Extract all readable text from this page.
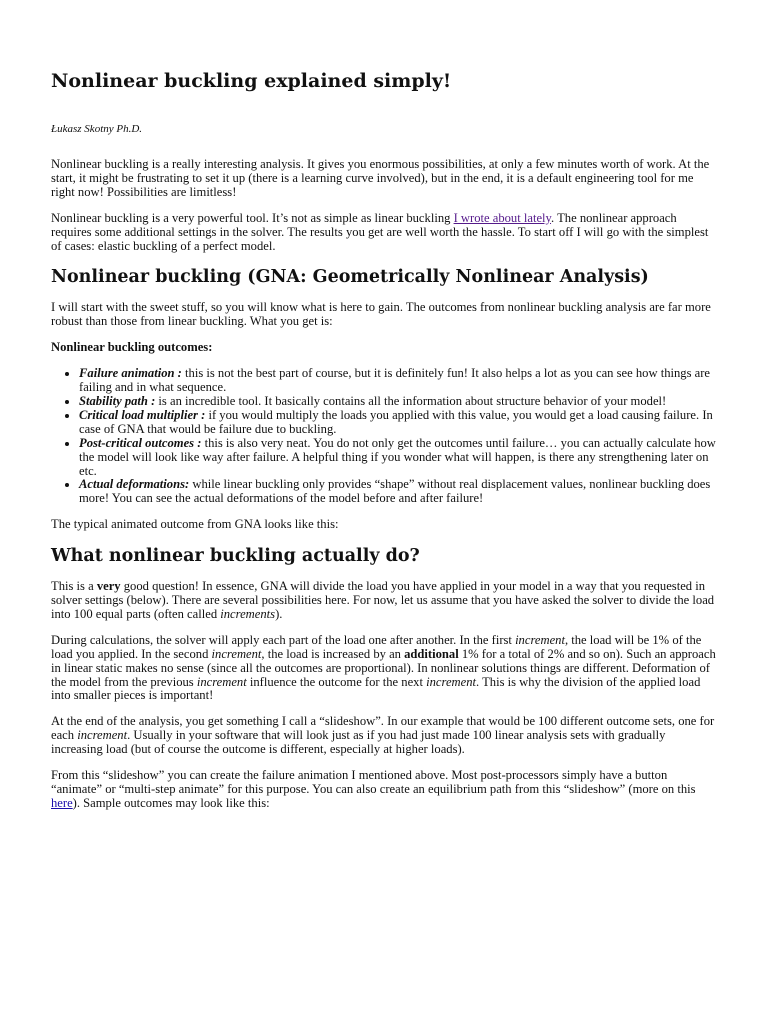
Nonlinear buckling explained simply!
Łukasz Skotny Ph.D.

Nonlinear buckling is a really interesting analysis. It gives you enormous possibilities, at only a few minutes worth of work. At the start, it might be frustrating to set it up (there is a learning curve involved), but in the end, it is a default engineering tool for me right now! Possibilities are limitless!

Nonlinear buckling is a very powerful tool. It’s not as simple as linear buckling I wrote about lately. The nonlinear approach requires some additional settings in the solver. The results you get are well worth the hassle. To start off I will go with the simplest of cases: elastic buckling of a perfect model.

Nonlinear buckling (GNA: Geometrically Nonlinear Analysis)

I will start with the sweet stuff, so you will know what is here to gain. The outcomes from nonlinear buckling analysis are far more robust than those from linear buckling. What you get is:

Nonlinear buckling outcomes:

• Failure animation : this is not the best part of course, but it is definitely fun! It also helps a lot as you can see how things are failing and in what sequence.
• Stability path : is an incredible tool. It basically contains all the information about structure behavior of your model!
• Critical load multiplier : if you would multiply the loads you applied with this value, you would get a load causing failure. In case of GNA that would be failure due to buckling.
• Post-critical outcomes : this is also very neat. You do not only get the outcomes until failure… you can actually calculate how the model will look like way after failure. A helpful thing if you wonder what will happen, is there any strengthening later on etc.
• Actual deformations: while linear buckling only provides “shape” without real displacement values, nonlinear buckling does more! You can see the actual deformations of the model before and after failure!

The typical animated outcome from GNA looks like this:

What nonlinear buckling actually do?

This is a very good question! In essence, GNA will divide the load you have applied in your model in a way that you requested in solver settings (below). There are several possibilities here. For now, let us assume that you have asked the solver to divide the load into 100 equal parts (often called increments).

During calculations, the solver will apply each part of the load one after another. In the first increment, the load will be 1% of the load you applied. In the second increment, the load is increased by an additional 1% for a total of 2% and so on). Such an approach in linear static makes no sense (since all the outcomes are proportional). In nonlinear solutions things are different. Deformation of the model from the previous increment influence the outcome for the next increment. This is why the division of the applied load into smaller pieces is important!

At the end of the analysis, you get something I call a “slideshow”. In our example that would be 100 different outcome sets, one for each increment. Usually in your software that will look just as if you had just made 100 linear analysis sets with gradually increasing load (but of course the outcome is different, especially at higher loads).

From this “slideshow” you can create the failure animation I mentioned above. Most post-processors simply have a button “animate” or “multi-step animate” for this purpose. You can also create an equilibrium path from this “slideshow” (more on this here). Sample outcomes may look like this:
